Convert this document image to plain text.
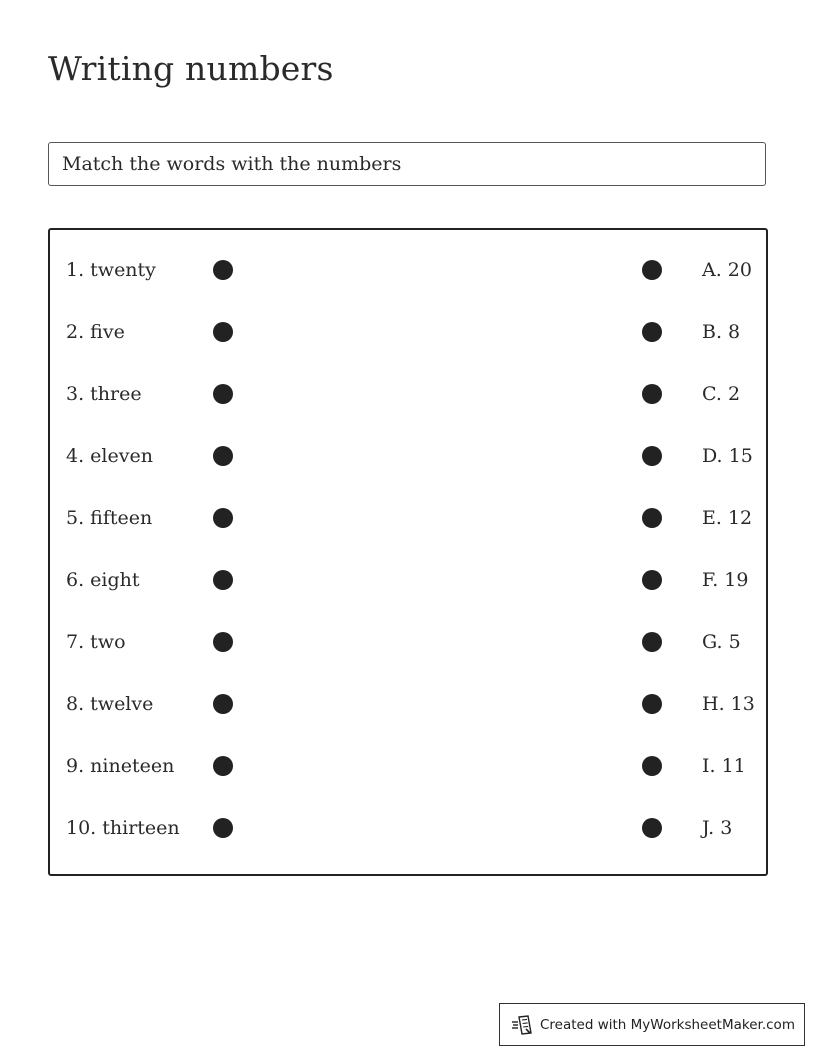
Writing numbers
Match the words with the numbers
1. twenty	A. 20
2. five	B. 8
3. three	C. 2
4. eleven	D. 15
5. fifteen	E. 12
6. eight	F. 19
7. two	G. 5
8. twelve	H. 13
9. nineteen	I. 11
10. thirteen	J. 3
Created with MyWorksheetMaker.com
